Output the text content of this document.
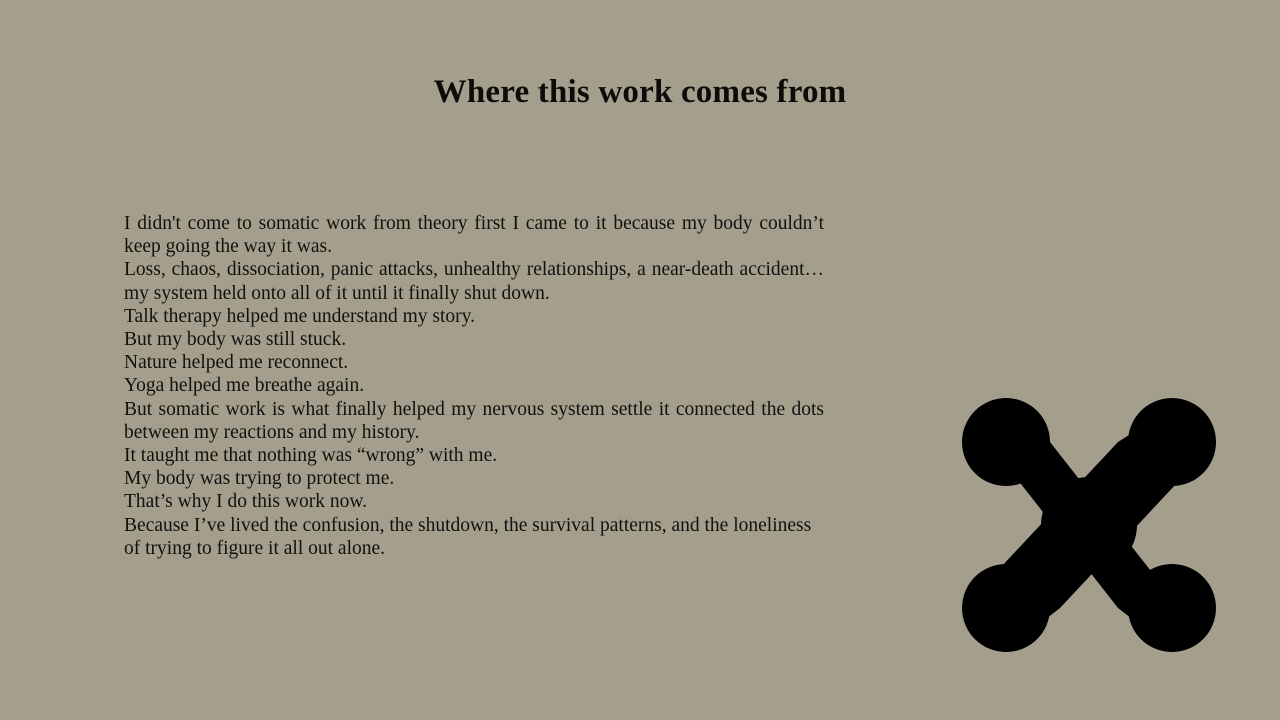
Where this work comes from

I didn't come to somatic work from theory first I came to it because my body couldn’t keep going the way it was.

Loss, chaos, dissociation, panic attacks, unhealthy relationships, a near-death accident… my system held onto all of it until it finally shut down.

Talk therapy helped me understand my story.

But my body was still stuck.

Nature helped me reconnect.

Yoga helped me breathe again.

But somatic work is what finally helped my nervous system settle it connected the dots between my reactions and my history.

It taught me that nothing was “wrong” with me.

My body was trying to protect me.

That’s why I do this work now.

Because I’ve lived the confusion, the shutdown, the survival patterns, and the loneliness of trying to figure it all out alone.
